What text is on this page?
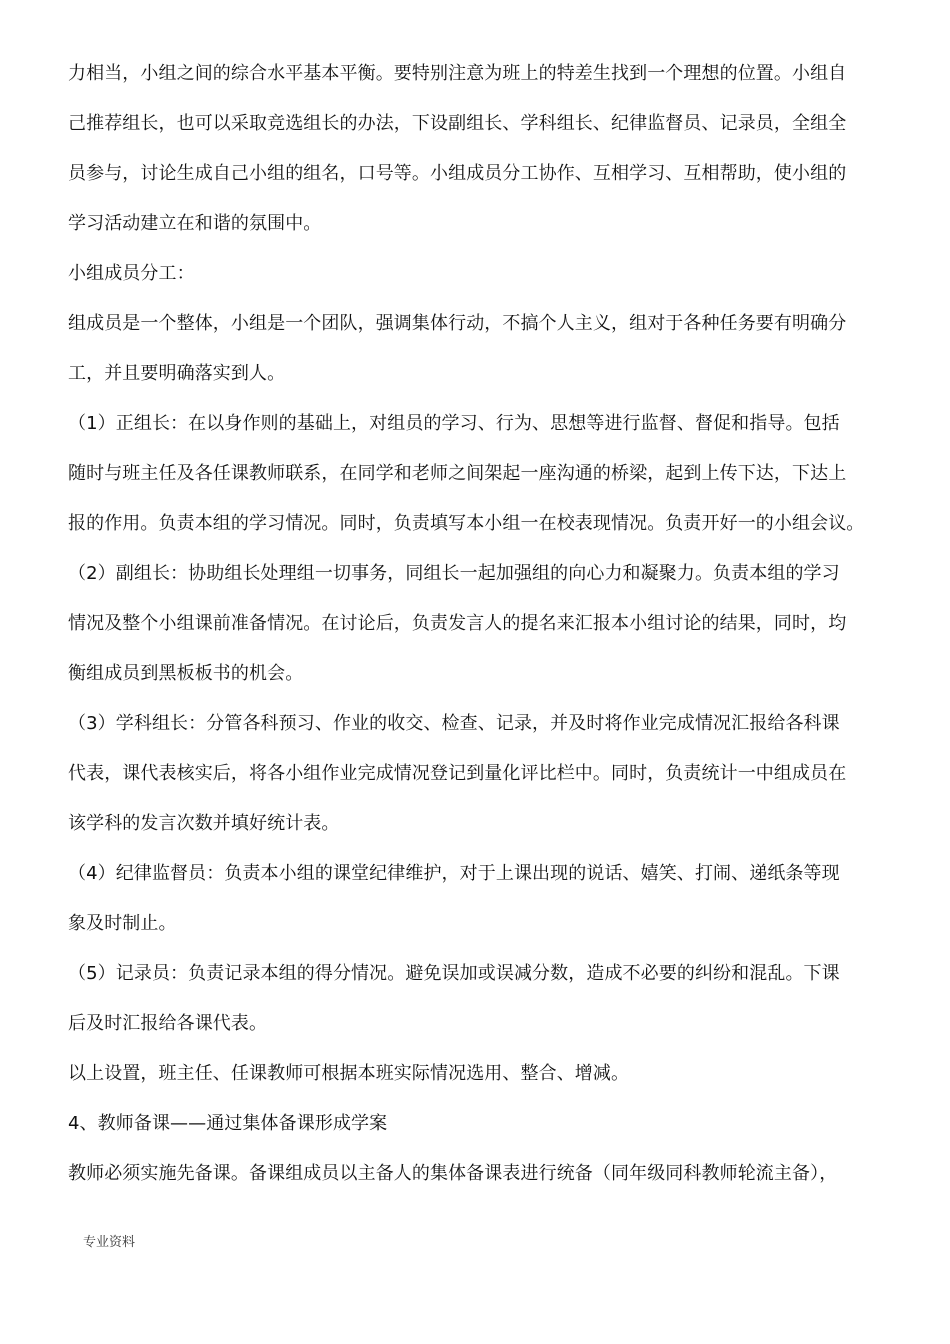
力相当，小组之间的综合水平基本平衡。要特别注意为班上的特差生找到一个理想的位置。小组自
己推荐组长，也可以采取竞选组长的办法，下设副组长、学科组长、纪律监督员、记录员，全组全
员参与，讨论生成自己小组的组名，口号等。小组成员分工协作、互相学习、互相帮助，使小组的
学习活动建立在和谐的氛围中。
小组成员分工：
组成员是一个整体，小组是一个团队，强调集体行动，不搞个人主义，组对于各种任务要有明确分
工，并且要明确落实到人。
（1）正组长：在以身作则的基础上，对组员的学习、行为、思想等进行监督、督促和指导。包括
随时与班主任及各任课教师联系，在同学和老师之间架起一座沟通的桥梁，起到上传下达，下达上
报的作用。负责本组的学习情况。同时，负责填写本小组一在校表现情况。负责开好一的小组会议。
（2）副组长：协助组长处理组一切事务，同组长一起加强组的向心力和凝聚力。负责本组的学习
情况及整个小组课前准备情况。在讨论后，负责发言人的提名来汇报本小组讨论的结果，同时，均
衡组成员到黑板板书的机会。
（3）学科组长：分管各科预习、作业的收交、检查、记录，并及时将作业完成情况汇报给各科课
代表，课代表核实后，将各小组作业完成情况登记到量化评比栏中。同时，负责统计一中组成员在
该学科的发言次数并填好统计表。
（4）纪律监督员：负责本小组的课堂纪律维护，对于上课出现的说话、嬉笑、打闹、递纸条等现
象及时制止。
（5）记录员：负责记录本组的得分情况。避免误加或误减分数，造成不必要的纠纷和混乱。下课
后及时汇报给各课代表。
以上设置，班主任、任课教师可根据本班实际情况选用、整合、增减。
4、教师备课——通过集体备课形成学案
教师必须实施先备课。备课组成员以主备人的集体备课表进行统备（同年级同科教师轮流主备），
专业资料
